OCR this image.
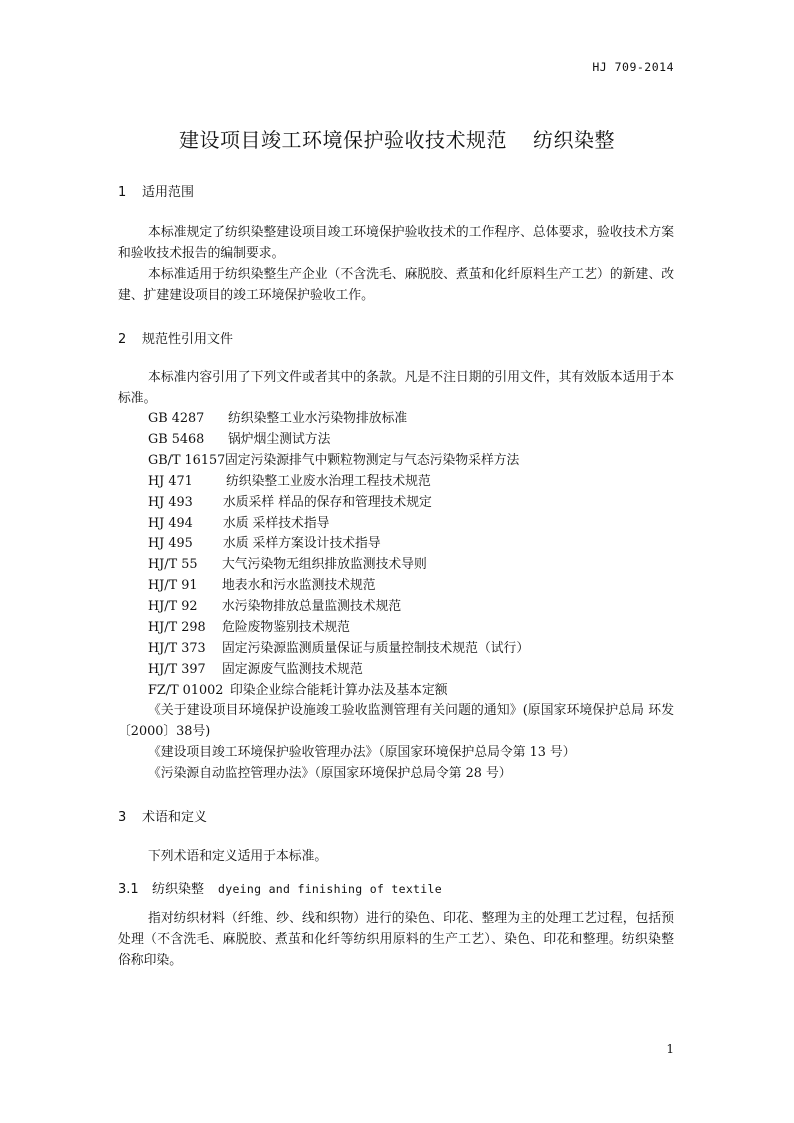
HJ 709-2014
建设项目竣工环境保护验收技术规范 纺织染整
1 适用范围

本标准规定了纺织染整建设项目竣工环境保护验收技术的工作程序、总体要求，验收技术方案和验收技术报告的编制要求。

本标准适用于纺织染整生产企业（不含洗毛、麻脱胶、煮茧和化纤原料生产工艺）的新建、改建、扩建建设项目的竣工环境保护验收工作。

2 规范性引用文件

本标准内容引用了下列文件或者其中的条款。凡是不注日期的引用文件，其有效版本适用于本标准。

GB 4287 纺织染整工业水污染物排放标准
GB 5468 锅炉烟尘测试方法
GB/T 16157固定污染源排气中颗粒物测定与气态污染物采样方法
HJ 471	纺织染整工业废水治理工程技术规范
HJ 493 水质采样 样品的保存和管理技术规定
HJ 494 水质 采样技术指导
HJ 495 水质 采样方案设计技术指导
HJ/T 55 大气污染物无组织排放监测技术导则
HJ/T 91 地表水和污水监测技术规范
HJ/T 92 水污染物排放总量监测技术规范
HJ/T 298 危险废物鉴别技术规范
HJ/T 373 固定污染源监测质量保证与质量控制技术规范（试行）
HJ/T 397 固定源废气监测技术规范
FZ/T 01002 印染企业综合能耗计算办法及基本定额

《关于建设项目环境保护设施竣工验收监测管理有关问题的通知》(原国家环境保护总局 环发〔2000〕38号)

《建设项目竣工环境保护验收管理办法》（原国家环境保护总局令第 13 号）
《污染源自动监控管理办法》（原国家环境保护总局令第 28 号）
3 术语和定义

下列术语和定义适用于本标准。

3.1 纺织染整 dyeing and finishing of textile

指对纺织材料（纤维、纱、线和织物）进行的染色、印花、整理为主的处理工艺过程，包括预处理（不含洗毛、麻脱胶、煮茧和化纤等纺织用原料的生产工艺）、染色、印花和整理。纺织染整俗称印染。

1
